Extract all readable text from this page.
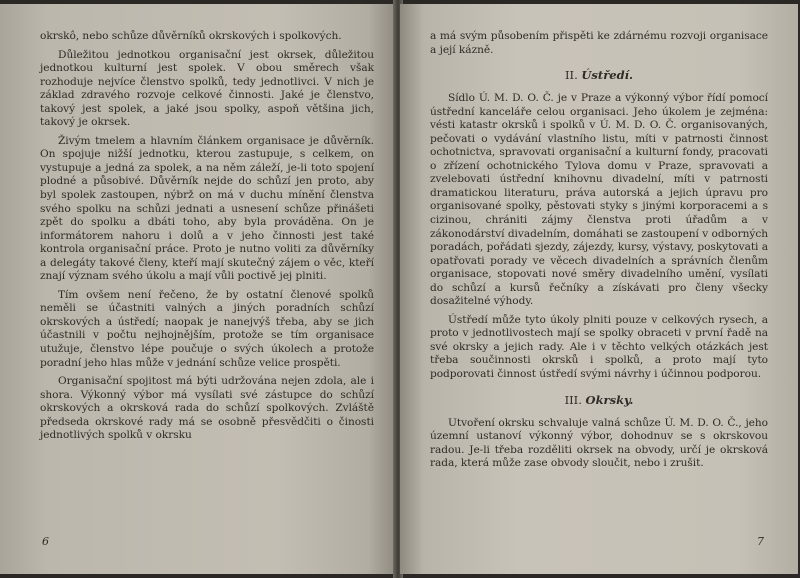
okrskô, nebo schůze důvěrníků okrskových i spolkových.

Důležitou jednotkou organisační jest okrsek, důležitou jednotkou kulturní jest spolek. V obou směrech však rozhoduje nejvíce členstvo spolků, tedy jednotlivci. V nich je základ zdravého rozvoje celkové činnosti. Jaké je členstvo, takový jest spolek, a jaké jsou spolky, aspoň většina jich, takový je okrsek.

Živým tmelem a hlavním článkem organisace je důvěrník. On spojuje nižší jednotku, kterou zastupuje, s celkem, on vystupuje a jedná za spolek, a na něm záleží, je-li toto spojení plodné a působivé. Důvěrník nejde do schůzí jen proto, aby byl spolek zastoupen, nýbrž on má v duchu mínění členstva svého spolku na schůzi jednati a usnesení schůze přinášeti zpět do spolku a dbáti toho, aby byla prováděna. On je informátorem nahoru i dolů a v jeho činnosti jest také kontrola organisační práce. Proto je nutno voliti za důvěrníky a delegáty takové členy, kteří mají skutečný zájem o věc, kteří znají význam svého úkolu a mají vůli poctivě jej plniti.

Tím ovšem není řečeno, že by ostatní členové spolků neměli se účastniti valných a jiných poradních schůzí okrskových a ústředí; naopak je nanejvýš třeba, aby se jich účastnili v počtu nejhojnějším, protože se tím organisace utužuje, členstvo lépe poučuje o svých úkolech a protože poradní jeho hlas může v jednání schůze velice prospěti.

Organisační spojitost má býti udržována nejen zdola, ale i shora. Výkonný výbor má vysílati své zástupce do schůzí okrskových a okrsková rada do schůzí spolkových. Zvláště předseda okrskové rady má se osobně přesvědčiti o činosti jednotlivých spolků v okrsku

6

a má svým působením přispěti ke zdárnému rozvoji organisace a její kázně.

II. Ústředí.

Sídlo Ú. M. D. O. Č. je v Praze a výkonný výbor řídí pomocí ústřední kanceláře celou organisaci. Jeho úkolem je zejména: vésti katastr okrsků i spolků v Ú. M. D. O. Č. organisovaných, pečovati o vydávání vlastního listu, míti v patrnosti činnost ochotnictva, spravovati organisační a kulturní fondy, pracovati o zřízení ochotnického Tylova domu v Praze, spravovati a zvelebovati ústřední knihovnu divadelní, míti v patrnosti dramatickou literaturu, práva autorská a jejich úpravu pro organisované spolky, pěstovati styky s jinými korporacemi a s cizinou, chrániti zájmy členstva proti úřadům a v zákonodárství divadelním, domáhati se zastoupení v odborných poradách, pořádati sjezdy, zájezdy, kursy, výstavy, poskytovati a opatřovati porady ve věcech divadelních a správních členům organisace, stopovati nové směry divadelního umění, vysílati do schůzí a kursů řečníky a získávati pro členy všecky dosažitelné výhody.

Ústředí může tyto úkoly plniti pouze v celkových rysech, a proto v jednotlivostech mají se spolky obraceti v první řadě na své okrsky a jejich rady. Ale i v těchto velkých otázkách jest třeba součinnosti okrsků i spolků, a proto mají tyto podporovati činnost ústředí svými návrhy i účinnou podporou.

III. Okrsky.

Utvoření okrsku schvaluje valná schůze Ú. M. D. O. Č., jeho územní ustanoví výkonný výbor, dohodnuv se s okrskovou radou. Je-li třeba rozděliti okrsek na obvody, určí je okrsková rada, která může zase obvody sloučit, nebo i zrušit.

7
